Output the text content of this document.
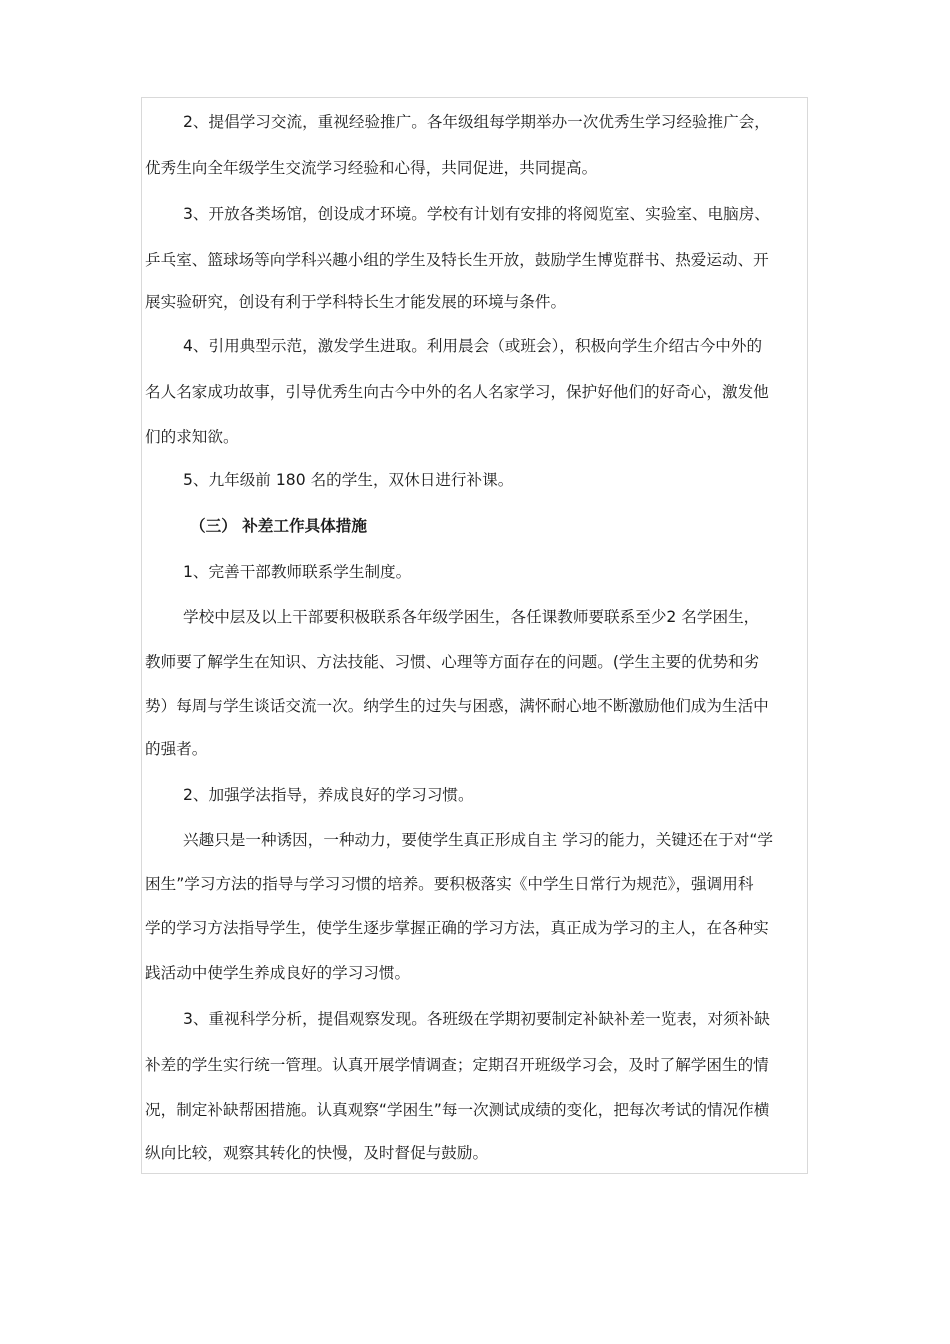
2、提倡学习交流，重视经验推广。各年级组每学期举办一次优秀生学习经验推广会，
优秀生向全年级学生交流学习经验和心得，共同促进，共同提高。
3、开放各类场馆，创设成才环境。学校有计划有安排的将阅览室、实验室、电脑房、
乒乓室、篮球场等向学科兴趣小组的学生及特长生开放，鼓励学生博览群书、热爱运动、开
展实验研究，创设有利于学科特长生才能发展的环境与条件。
4、引用典型示范，激发学生进取。利用晨会（或班会），积极向学生介绍古今中外的
名人名家成功故事，引导优秀生向古今中外的名人名家学习，保护好他们的好奇心，激发他
们的求知欲。
5、九年级前 180 名的学生，双休日进行补课。
（三） 补差工作具体措施
1、完善干部教师联系学生制度。
学校中层及以上干部要积极联系各年级学困生，各任课教师要联系至少2 名学困生，
教师要了解学生在知识、方法技能、习惯、心理等方面存在的问题。(学生主要的优势和劣
势）每周与学生谈话交流一次。纳学生的过失与困惑，满怀耐心地不断激励他们成为生活中
的强者。
2、加强学法指导，养成良好的学习习惯。
兴趣只是一种诱因，一种动力，要使学生真正形成自主 学习的能力，关键还在于对“学
困生”学习方法的指导与学习习惯的培养。要积极落实《中学生日常行为规范》，强调用科
学的学习方法指导学生，使学生逐步掌握正确的学习方法，真正成为学习的主人，在各种实
践活动中使学生养成良好的学习习惯。
3、重视科学分析，提倡观察发现。各班级在学期初要制定补缺补差一览表，对须补缺
补差的学生实行统一管理。认真开展学情调查；定期召开班级学习会，及时了解学困生的情
况，制定补缺帮困措施。认真观察“学困生”每一次测试成绩的变化，把每次考试的情况作横
纵向比较，观察其转化的快慢，及时督促与鼓励。
